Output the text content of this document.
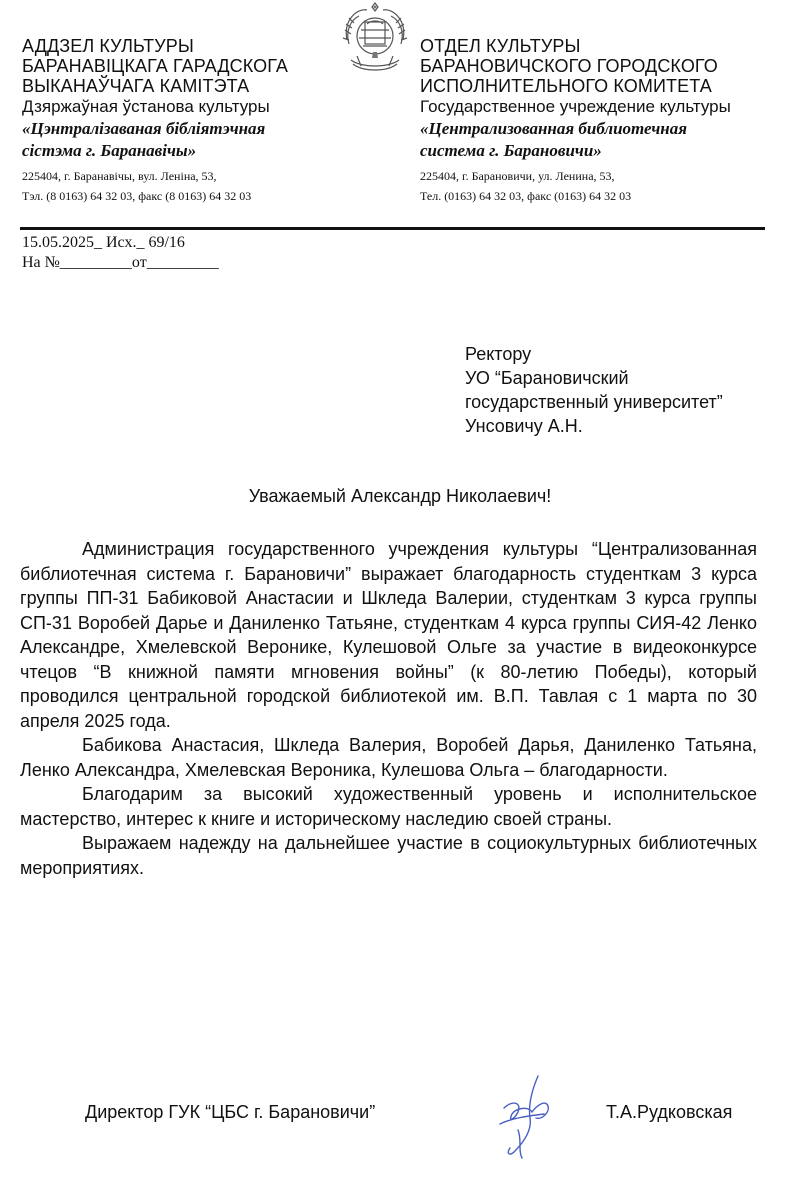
АДДЗЕЛ КУЛЬТУРЫ

БАРАНАВІЦКАГА ГАРАДСКОГА

ВЫКАНАЎЧАГА КАМІТЭТА

Дзяржаўная ўстанова культуры

«Цэнтралізаваная бібліятэчная

сістэма г. Баранавічы»

225404, г. Баранавічы, вул. Леніна, 53,

Тэл. (8 0163) 64 32 03, факс (8 0163) 64 32 03

ОТДЕЛ КУЛЬТУРЫ

БАРАНОВИЧСКОГО ГОРОДСКОГО

ИСПОЛНИТЕЛЬНОГО КОМИТЕТА

Государственное учреждение культуры

«Централизованная библиотечная

система г. Барановичи»

225404, г. Барановичи, ул. Ленина, 53,

Тел. (0163) 64 32 03, факс (0163) 64 32 03

15.05.2025_ Исх._ 69/16
На №_________от_________
Ректору
УО “Барановичский
государственный университет”
Унсовичу А.Н.
Уважаемый Александр Николаевич!

Администрация государственного учреждения культуры “Централизованная библиотечная система г. Барановичи” выражает благодарность студенткам 3 курса группы ПП-31 Бабиковой Анастасии и Шкледа Валерии, студенткам 3 курса группы СП-31 Воробей Дарье и Даниленко Татьяне, студенткам 4 курса группы СИЯ-42 Ленко Александре, Хмелевской Веронике, Кулешовой Ольге за участие в видеоконкурсе чтецов “В книжной памяти мгновения войны” (к 80-летию Победы), который проводился центральной городской библиотекой им. В.П. Тавлая с 1 марта по 30 апреля 2025 года.

Бабикова Анастасия, Шкледа Валерия, Воробей Дарья, Даниленко Татьяна, Ленко Александра, Хмелевская Вероника, Кулешова Ольга – благодарности.

Благодарим за высокий художественный уровень и исполнительское мастерство, интерес к книге и историческому наследию своей страны.

Выражаем надежду на дальнейшее участие в социокультурных библиотечных мероприятиях.

Директор ГУК “ЦБС г. Барановичи”	Т.А.Рудковская
